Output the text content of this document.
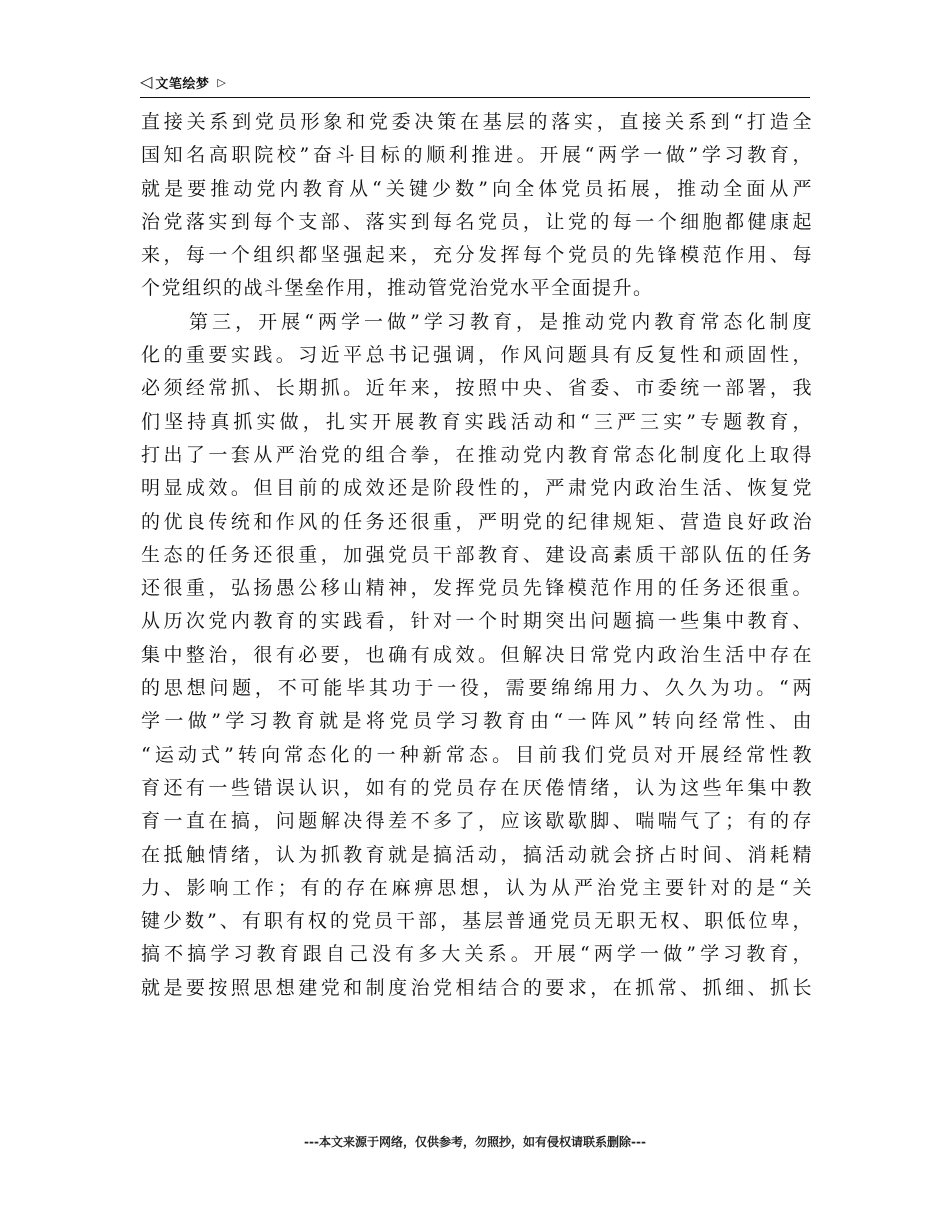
◁ 文笔绘梦 ▷
直接关系到党员形象和党委决策在基层的落实，直接关系到“打造全
国知名高职院校”奋斗目标的顺利推进。开展“两学一做”学习教育，
就是要推动党内教育从“关键少数”向全体党员拓展，推动全面从严
治党落实到每个支部、落实到每名党员，让党的每一个细胞都健康起
来，每一个组织都坚强起来，充分发挥每个党员的先锋模范作用、每
个党组织的战斗堡垒作用，推动管党治党水平全面提升。
第三，开展“两学一做”学习教育，是推动党内教育常态化制度
化的重要实践。习近平总书记强调，作风问题具有反复性和顽固性，
必须经常抓、长期抓。近年来，按照中央、省委、市委统一部署，我
们坚持真抓实做，扎实开展教育实践活动和“三严三实”专题教育，
打出了一套从严治党的组合拳，在推动党内教育常态化制度化上取得
明显成效。但目前的成效还是阶段性的，严肃党内政治生活、恢复党
的优良传统和作风的任务还很重，严明党的纪律规矩、营造良好政治
生态的任务还很重，加强党员干部教育、建设高素质干部队伍的任务
还很重，弘扬愚公移山精神，发挥党员先锋模范作用的任务还很重。
从历次党内教育的实践看，针对一个时期突出问题搞一些集中教育、
集中整治，很有必要，也确有成效。但解决日常党内政治生活中存在
的思想问题，不可能毕其功于一役，需要绵绵用力、久久为功。“两
学一做”学习教育就是将党员学习教育由“一阵风”转向经常性、由
“运动式”转向常态化的一种新常态。目前我们党员对开展经常性教
育还有一些错误认识，如有的党员存在厌倦情绪，认为这些年集中教
育一直在搞，问题解决得差不多了，应该歇歇脚、喘喘气了；有的存
在抵触情绪，认为抓教育就是搞活动，搞活动就会挤占时间、消耗精
力、影响工作；有的存在麻痹思想，认为从严治党主要针对的是“关
键少数”、有职有权的党员干部，基层普通党员无职无权、职低位卑，
搞不搞学习教育跟自己没有多大关系。开展“两学一做”学习教育，
就是要按照思想建党和制度治党相结合的要求，在抓常、抓细、抓长
---本文来源于网络，仅供参考，勿照抄，如有侵权请联系删除---
